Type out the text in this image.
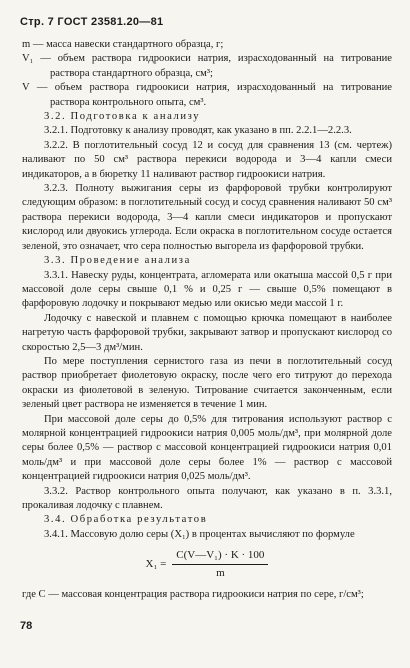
Стр. 7 ГОСТ 23581.20—81

m — масса навески стандартного образца, г;

V₁ — объем раствора гидроокиси натрия, израсходованный на титрование раствора стандартного образца, см³;

V — объем раствора гидроокиси натрия, израсходованный на титрование раствора контрольного опыта, см³.

3.2. Подготовка к анализу

3.2.1. Подготовку к анализу проводят, как указано в пп. 2.2.1—2.2.3.

3.2.2. В поглотительный сосуд 12 и сосуд для сравнения 13 (см. чертеж) наливают по 50 см³ раствора перекиси водорода и 3—4 капли смеси индикаторов, а в бюретку 11 наливают раствор гидроокиси натрия.

3.2.3. Полноту выжигания серы из фарфоровой трубки контролируют следующим образом: в поглотительный сосуд и сосуд сравнения наливают 50 см³ раствора перекиси водорода, 3—4 капли смеси индикаторов и пропускают кислород или двуокись углерода. Если окраска в поглотительном сосуде остается зеленой, это означает, что сера полностью выгорела из фарфоровой трубки.

3.3. Проведение анализа

3.3.1. Навеску руды, концентрата, агломерата или окатыша массой 0,5 г при массовой доле серы свыше 0,1 % и 0,25 г — свыше 0,5% помещают в фарфоровую лодочку и покрывают медью или окисью меди массой 1 г.

Лодочку с навеской и плавнем с помощью крючка помещают в наиболее нагретую часть фарфоровой трубки, закрывают затвор и пропускают кислород со скоростью 2,5—3 дм³/мин.

По мере поступления сернистого газа из печи в поглотительный сосуд раствор приобретает фиолетовую окраску, после чего его титруют до перехода окраски из фиолетовой в зеленую. Титрование считается законченным, если зеленый цвет раствора не изменяется в течение 1 мин.

При массовой доле серы до 0,5% для титрования используют раствор с молярной концентрацией гидроокиси натрия 0,005 моль/дм³, при молярной доле серы более 0,5% — раствор с массовой концентрацией гидроокиси натрия 0,01 моль/дм³ и при массовой доле серы более 1% — раствор с массовой концентрацией гидроокиси натрия 0,025 моль/дм³.

3.3.2. Раствор контрольного опыта получают, как указано в п. 3.3.1, прокаливая лодочку с плавнем.

3.4. Обработка результатов

3.4.1. Массовую долю серы (X₁) в процентах вычисляют по формуле

$X_1 = \frac{\text{C(V—V₁) · K · 100}}{m}$

где C — массовая концентрация раствора гидроокиси натрия по сере, г/см³;

78
